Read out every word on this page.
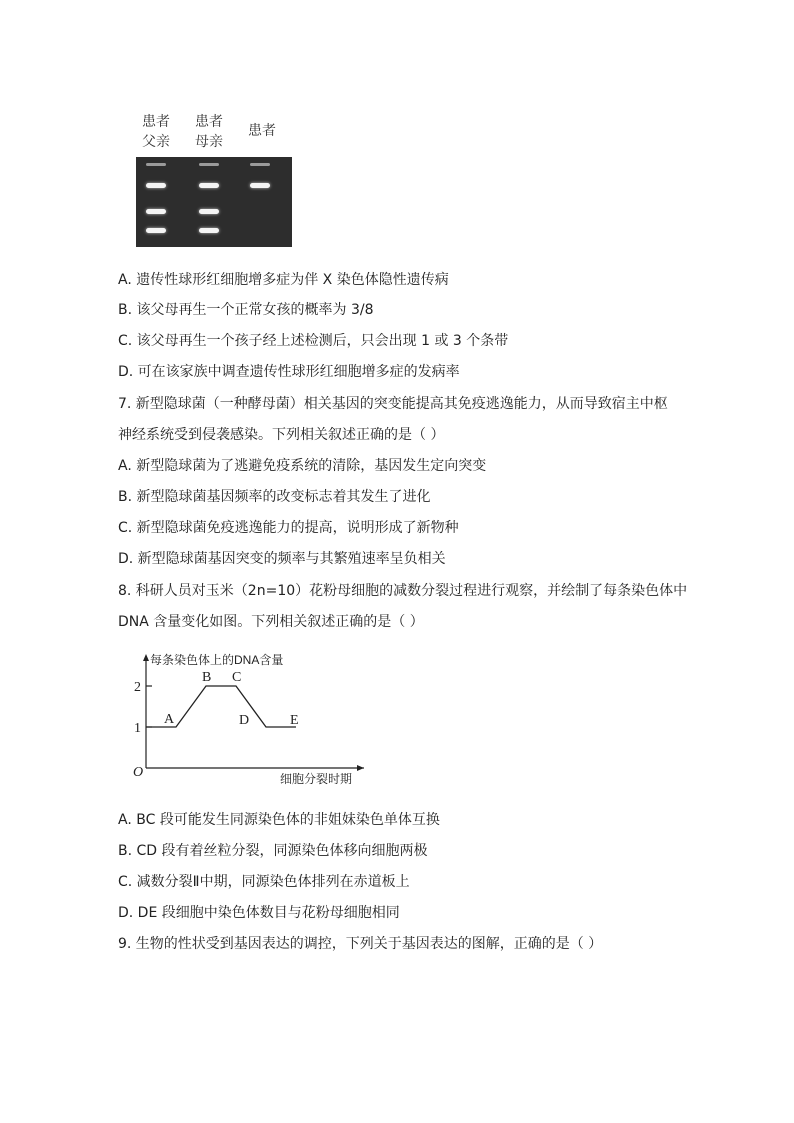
患者
父亲
患者
母亲
患者
A. 遗传性球形红细胞增多症为伴 X 染色体隐性遗传病
B. 该父母再生一个正常女孩的概率为 3/8
C. 该父母再生一个孩子经上述检测后，只会出现 1 或 3 个条带
D. 可在该家族中调查遗传性球形红细胞增多症的发病率
7. 新型隐球菌（一种酵母菌）相关基因的突变能提高其免疫逃逸能力，从而导致宿主中枢
神经系统受到侵袭感染。下列相关叙述正确的是（ ）
A. 新型隐球菌为了逃避免疫系统的清除，基因发生定向突变
B. 新型隐球菌基因频率的改变标志着其发生了进化
C. 新型隐球菌免疫逃逸能力的提高，说明形成了新物种
D. 新型隐球菌基因突变的频率与其繁殖速率呈负相关
8. 科研人员对玉米（2n=10）花粉母细胞的减数分裂过程进行观察，并绘制了每条染色体中
DNA 含量变化如图。下列相关叙述正确的是（ ）
1
2
A
B C
D	E
每条染色体上的DNA含量
细胞分裂时期
O
A. BC 段可能发生同源染色体的非姐妹染色单体互换
B. CD 段有着丝粒分裂，同源染色体移向细胞两极
C. 减数分裂Ⅱ中期，同源染色体排列在赤道板上
D. DE 段细胞中染色体数目与花粉母细胞相同
9. 生物的性状受到基因表达的调控，下列关于基因表达的图解，正确的是（ ）
